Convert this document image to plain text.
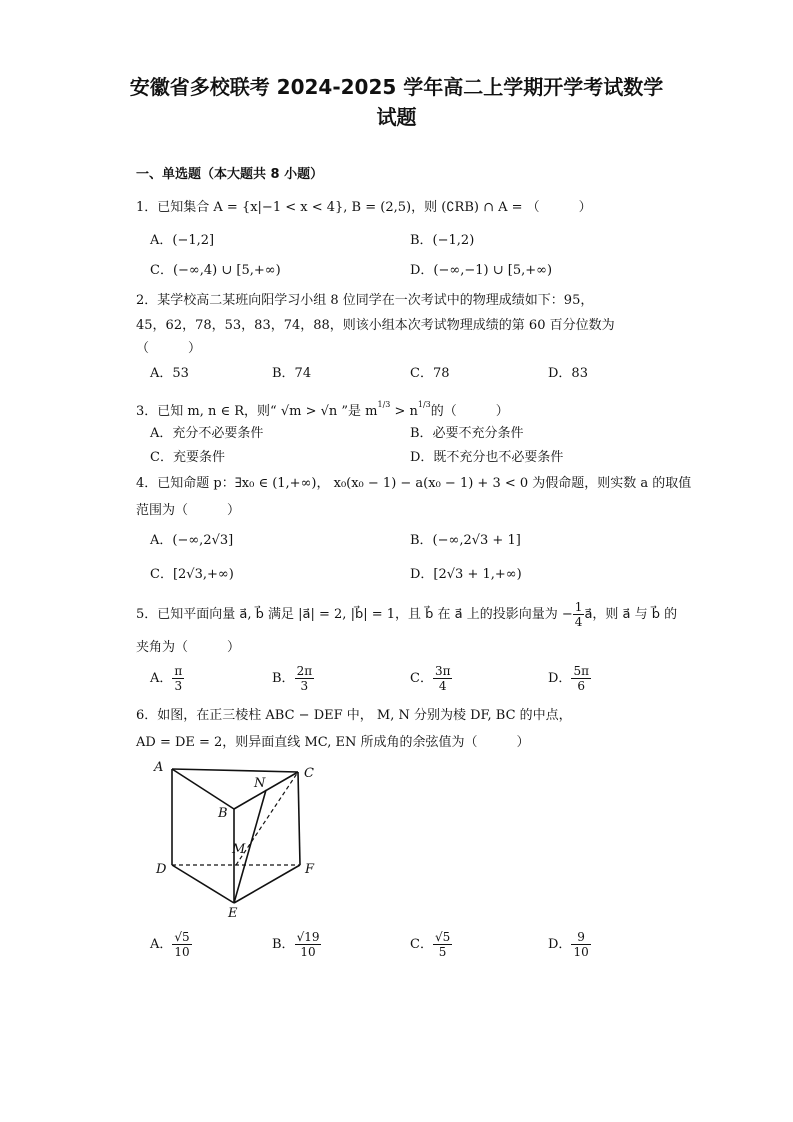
安徽省多校联考 2024-2025 学年高二上学期开学考试数学
试题
一、单选题（本大题共 8 小题）
1．已知集合 A = {x|−1 < x < 4}, B = (2,5)，则 (∁RB) ∩ A = （　　　）
A．(−1,2]	B．(−1,2)
C．(−∞,4) ∪ [5,+∞)	D．(−∞,−1) ∪ [5,+∞)
2．某学校高二某班向阳学习小组 8 位同学在一次考试中的物理成绩如下：95，
45，62，78，53，83，74，88，则该小组本次考试物理成绩的第 60 百分位数为
（　　　）
A．53	B．74	C．78	D．83
3．已知 m, n ∈ R，则“ √m > √n ”是 $m^{1/3} > n^{1/3}$的（　　　）
A．充分不必要条件	B．必要不充分条件
C．充要条件	D．既不充分也不必要条件
4．已知命题 p：∃x₀ ∈ (1,+∞)， x₀(x₀ − 1) − a(x₀ − 1) + 3 < 0 为假命题，则实数 a 的取值
范围为（　　　）
A．(−∞,2√3]	B．(−∞,2√3 + 1]
C．[2√3,+∞)	D．[2√3 + 1,+∞)
5．已知平面向量 a⃗, b⃗ 满足 |a⃗| = 2, |b⃗| = 1，且 b⃗ 在 a⃗ 上的投影向量为 − $\frac{1}{4}$ a⃗，则 a⃗ 与 b⃗ 的
夹角为（　　　）
A． $\frac{\pi}{3}$	B． $\frac{2\pi}{3}$	C． $\frac{3\pi}{4}$	D． $\frac{5\pi}{6}$
6．如图，在正三棱柱 ABC − DEF 中， M, N 分别为棱 DF, BC 的中点，
AD = DE = 2，则异面直线 MC, EN 所成角的余弦值为（　　　）
A
B
C
D
E
F
M
N
A． $\frac{√5}{10}$	B． $\frac{√19}{10}$	C． $\frac{√5}{5}$	D． $\frac{9}{10}$
